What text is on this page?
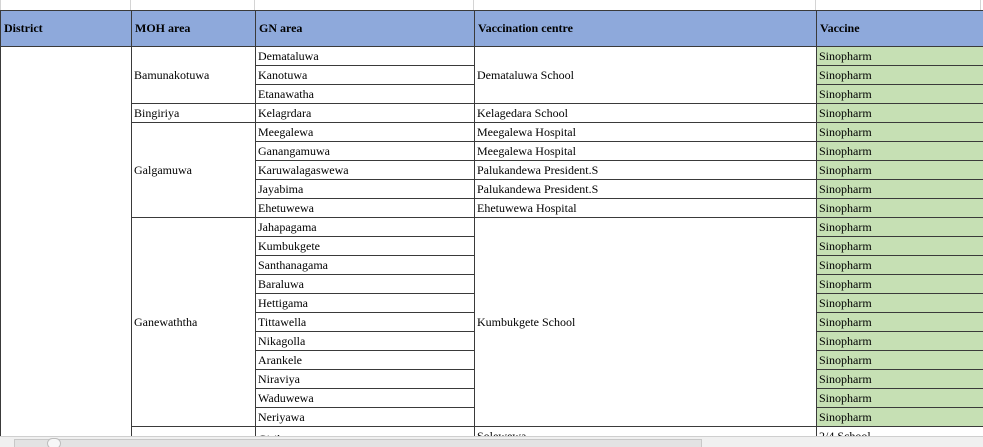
District	MOH area	GN area	Vaccination centre	Vaccine	
	Bamunakotuwa	Demataluwa	Demataluwa School	Sinopharm	
		Kanotuwa		Sinopharm	
		Etanawatha		Sinopharm	
	Bingiriya	Kelagrdara	Kelagedara School	Sinopharm	
	Galgamuwa	Meegalewa	Meegalewa Hospital	Sinopharm	
		Ganangamuwa	Meegalewa Hospital	Sinopharm	
		Karuwalagaswewa	Palukandewa President.S	Sinopharm	
		Jayabima	Palukandewa President.S	Sinopharm	
		Ehetuwewa	Ehetuwewa Hospital	Sinopharm	
	Ganewaththa	Jahapagama	Kumbukgete School	Sinopharm	
		Kumbukgete		Sinopharm	
		Santhanagama		Sinopharm	
		Baraluwa		Sinopharm	
		Hettigama		Sinopharm	
		Tittawella		Sinopharm	
		Nikagolla		Sinopharm	
		Arankele		Sinopharm	
		Niraviya		Sinopharm	
		Waduwewa		Sinopharm	
		Neriyawa		Sinopharm	
